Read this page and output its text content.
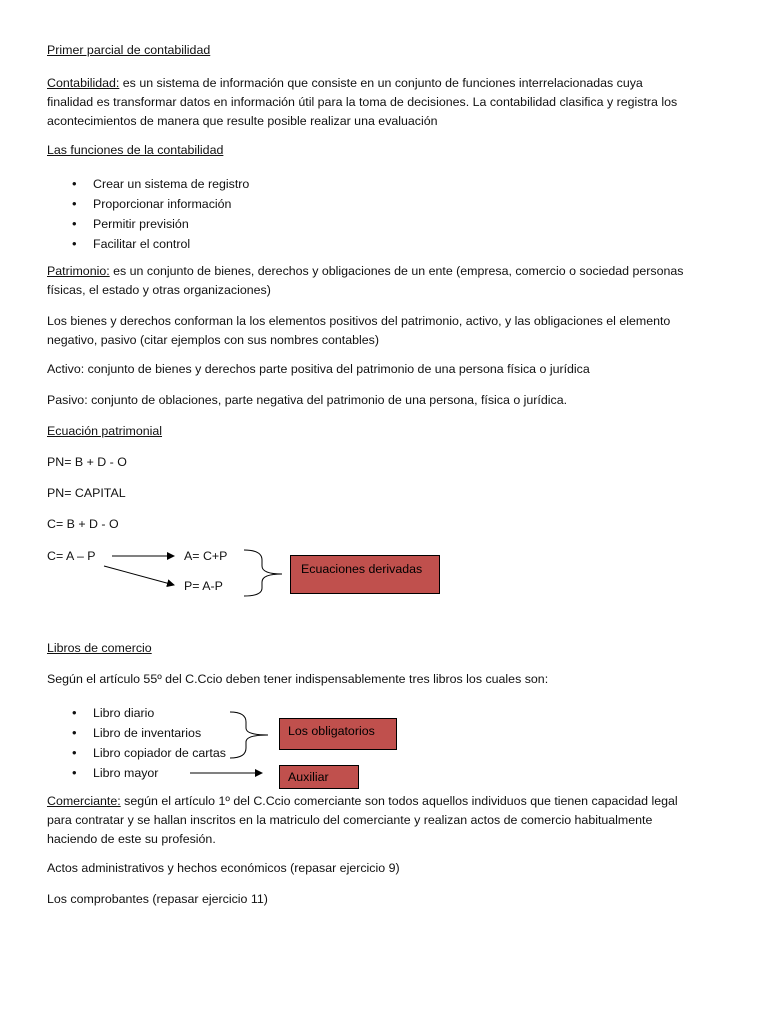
Primer parcial de contabilidad
Contabilidad: es un sistema de información que consiste en un conjunto de funciones interrelacionadas cuya
finalidad es transformar datos en información útil para la toma de decisiones. La contabilidad clasifica y registra los
acontecimientos de manera que resulte posible realizar una evaluación
Las funciones de la contabilidad
• Crear un sistema de registro
• Proporcionar información
• Permitir previsión
• Facilitar el control
Patrimonio: es un conjunto de bienes, derechos y obligaciones de un ente (empresa, comercio o sociedad personas
físicas, el estado y otras organizaciones)
Los bienes y derechos conforman la los elementos positivos del patrimonio, activo, y las obligaciones el elemento
negativo, pasivo (citar ejemplos con sus nombres contables)
Activo: conjunto de bienes y derechos parte positiva del patrimonio de una persona física o jurídica
Pasivo: conjunto de oblaciones, parte negativa del patrimonio de una persona, física o jurídica.
Ecuación patrimonial
PN= B + D - O
PN= CAPITAL
C= B + D - O
C= A – P	A= C+P
P= A-P
Ecuaciones derivadas
Libros de comercio
Según el artículo 55º del C.Ccio deben tener indispensablemente tres libros los cuales son:
• Libro diario
• Libro de inventarios
• Libro copiador de cartas
• Libro mayor
Los obligatorios
Auxiliar
Comerciante: según el artículo 1º del C.Ccio comerciante son todos aquellos individuos que tienen capacidad legal
para contratar y se hallan inscritos en la matriculo del comerciante y realizan actos de comercio habitualmente
haciendo de este su profesión.
Actos administrativos y hechos económicos (repasar ejercicio 9)
Los comprobantes (repasar ejercicio 11)
